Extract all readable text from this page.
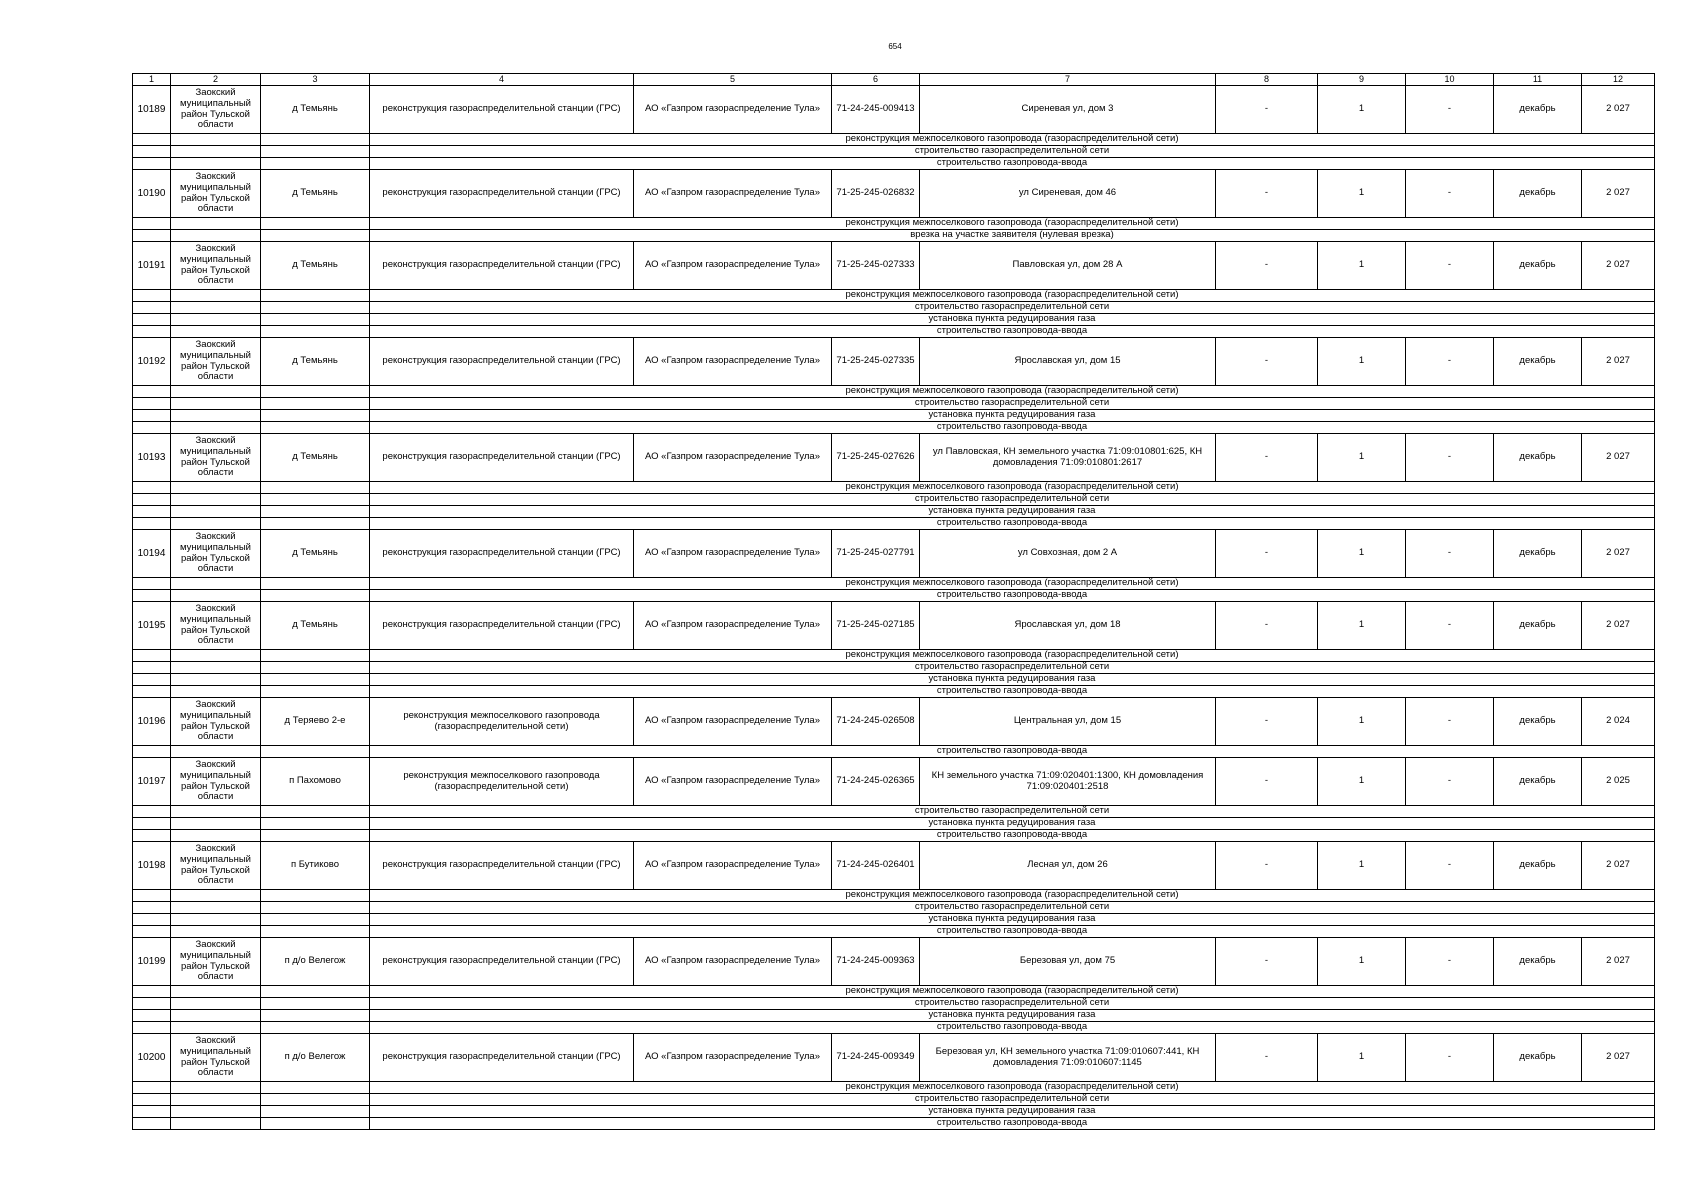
654
1	2	3	4	5	6	7	8	9	10	11	12
10189	Заокский муниципальный район Тульской области	д Темьянь	реконструкция газораспределительной станции (ГРС)	АО «Газпром газораспределение Тула»	71-24-245-009413	Сиреневая ул, дом 3	-	1	-	декабрь	2 027
			реконструкция межпоселкового газопровода (газораспределительной сети)								
			строительство газораспределительной сети								
			строительство газопровода-ввода								
10190	Заокский муниципальный район Тульской области	д Темьянь	реконструкция газораспределительной станции (ГРС)	АО «Газпром газораспределение Тула»	71-25-245-026832	ул Сиреневая, дом 46	-	1	-	декабрь	2 027
			реконструкция межпоселкового газопровода (газораспределительной сети)								
			врезка на участке заявителя (нулевая врезка)								
10191	Заокский муниципальный район Тульской области	д Темьянь	реконструкция газораспределительной станции (ГРС)	АО «Газпром газораспределение Тула»	71-25-245-027333	Павловская ул, дом 28 А	-	1	-	декабрь	2 027
			реконструкция межпоселкового газопровода (газораспределительной сети)								
			строительство газораспределительной сети								
			установка пункта редуцирования газа								
			строительство газопровода-ввода								
10192	Заокский муниципальный район Тульской области	д Темьянь	реконструкция газораспределительной станции (ГРС)	АО «Газпром газораспределение Тула»	71-25-245-027335	Ярославская ул, дом 15	-	1	-	декабрь	2 027
			реконструкция межпоселкового газопровода (газораспределительной сети)								
			строительство газораспределительной сети								
			установка пункта редуцирования газа								
			строительство газопровода-ввода								
10193	Заокский муниципальный район Тульской области	д Темьянь	реконструкция газораспределительной станции (ГРС)	АО «Газпром газораспределение Тула»	71-25-245-027626	ул Павловская, КН земельного участка 71:09:010801:625, КН домовладения 71:09:010801:2617	-	1	-	декабрь	2 027
			реконструкция межпоселкового газопровода (газораспределительной сети)								
			строительство газораспределительной сети								
			установка пункта редуцирования газа								
			строительство газопровода-ввода								
10194	Заокский муниципальный район Тульской области	д Темьянь	реконструкция газораспределительной станции (ГРС)	АО «Газпром газораспределение Тула»	71-25-245-027791	ул Совхозная, дом 2 А	-	1	-	декабрь	2 027
			реконструкция межпоселкового газопровода (газораспределительной сети)								
			строительство газопровода-ввода								
10195	Заокский муниципальный район Тульской области	д Темьянь	реконструкция газораспределительной станции (ГРС)	АО «Газпром газораспределение Тула»	71-25-245-027185	Ярославская ул, дом 18	-	1	-	декабрь	2 027
			реконструкция межпоселкового газопровода (газораспределительной сети)								
			строительство газораспределительной сети								
			установка пункта редуцирования газа								
			строительство газопровода-ввода								
10196	Заокский муниципальный район Тульской области	д Теряево 2-е	реконструкция межпоселкового газопровода (газораспределительной сети)	АО «Газпром газораспределение Тула»	71-24-245-026508	Центральная ул, дом 15	-	1	-	декабрь	2 024
			строительство газопровода-ввода								
10197	Заокский муниципальный район Тульской области	п Пахомово	реконструкция межпоселкового газопровода (газораспределительной сети)	АО «Газпром газораспределение Тула»	71-24-245-026365	КН земельного участка 71:09:020401:1300, КН домовладения 71:09:020401:2518	-	1	-	декабрь	2 025
			строительство газораспределительной сети								
			установка пункта редуцирования газа								
			строительство газопровода-ввода								
10198	Заокский муниципальный район Тульской области	п Бутиково	реконструкция газораспределительной станции (ГРС)	АО «Газпром газораспределение Тула»	71-24-245-026401	Лесная ул, дом 26	-	1	-	декабрь	2 027
			реконструкция межпоселкового газопровода (газораспределительной сети)								
			строительство газораспределительной сети								
			установка пункта редуцирования газа								
			строительство газопровода-ввода								
10199	Заокский муниципальный район Тульской области	п д/о Велегож	реконструкция газораспределительной станции (ГРС)	АО «Газпром газораспределение Тула»	71-24-245-009363	Березовая ул, дом 75	-	1	-	декабрь	2 027
			реконструкция межпоселкового газопровода (газораспределительной сети)								
			строительство газораспределительной сети								
			установка пункта редуцирования газа								
			строительство газопровода-ввода								
10200	Заокский муниципальный район Тульской области	п д/о Велегож	реконструкция газораспределительной станции (ГРС)	АО «Газпром газораспределение Тула»	71-24-245-009349	Березовая ул, КН земельного участка 71:09:010607:441, КН домовладения 71:09:010607:1145	-	1	-	декабрь	2 027
			реконструкция межпоселкового газопровода (газораспределительной сети)								
			строительство газораспределительной сети								
			установка пункта редуцирования газа								
			строительство газопровода-ввода								
